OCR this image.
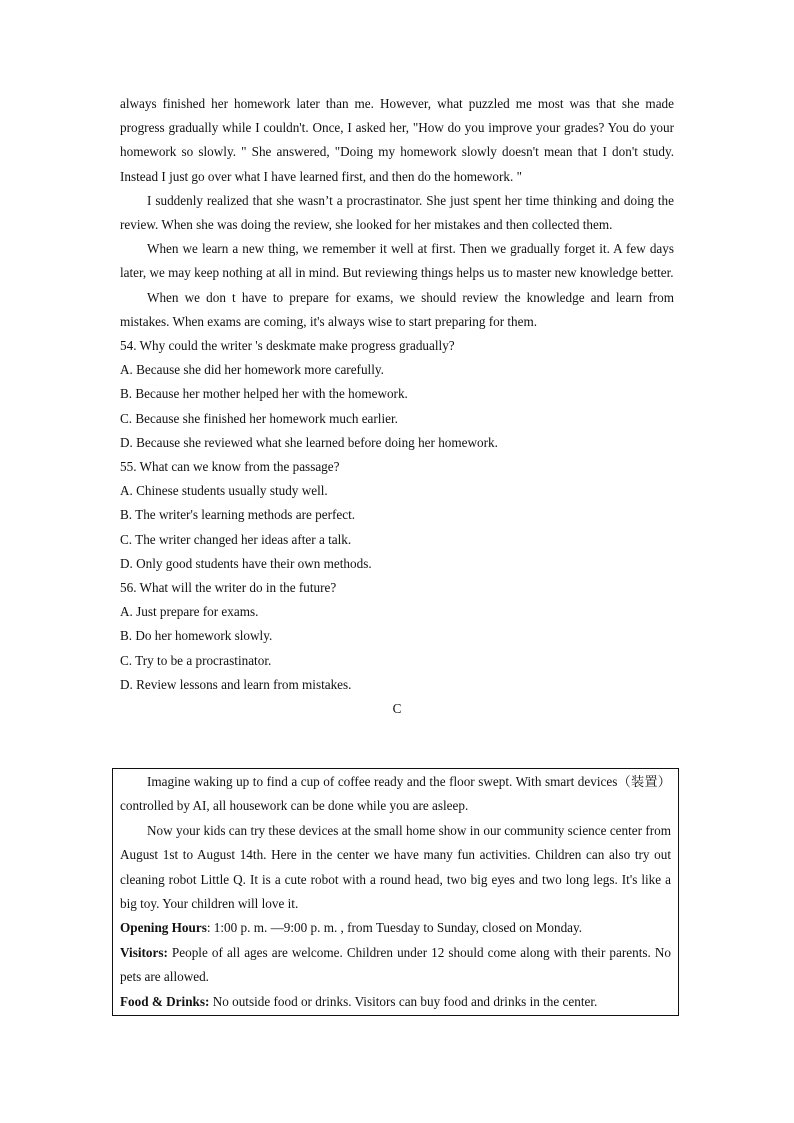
always finished her homework later than me. However, what puzzled me most was that she made progress gradually while I couldn't. Once, I asked her, "How do you improve your grades? You do your homework so slowly. " She answered, "Doing my homework slowly doesn't mean that I don't study. Instead I just go over what I have learned first, and then do the homework. "

I suddenly realized that she wasn’t a procrastinator. She just spent her time thinking and doing the review. When she was doing the review, she looked for her mistakes and then collected them.

When we learn a new thing, we remember it well at first. Then we gradually forget it. A few days later, we may keep nothing at all in mind. But reviewing things helps us to master new knowledge better.

When we don t have to prepare for exams, we should review the knowledge and learn from mistakes. When exams are coming, it's always wise to start preparing for them.

54. Why could the writer 's deskmate make progress gradually?

A. Because she did her homework more carefully.

B. Because her mother helped her with the homework.

C. Because she finished her homework much earlier.

D. Because she reviewed what she learned before doing her homework.

55. What can we know from the passage?

A. Chinese students usually study well.

B. The writer's learning methods are perfect.

C. The writer changed her ideas after a talk.

D. Only good students have their own methods.

56. What will the writer do in the future?

A. Just prepare for exams.

B. Do her homework slowly.

C. Try to be a procrastinator.

D. Review lessons and learn from mistakes.

C

Imagine waking up to find a cup of coffee ready and the floor swept. With smart devices（装置）controlled by AI, all housework can be done while you are asleep.

Now your kids can try these devices at the small home show in our community science center from August 1st to August 14th. Here in the center we have many fun activities. Children can also try out cleaning robot Little Q. It is a cute robot with a round head, two big eyes and two long legs. It's like a big toy. Your children will love it.

Opening Hours: 1:00 p. m. —9:00 p. m. , from Tuesday to Sunday, closed on Monday.

Visitors: People of all ages are welcome. Children under 12 should come along with their parents. No pets are allowed.

Food & Drinks: No outside food or drinks. Visitors can buy food and drinks in the center.
